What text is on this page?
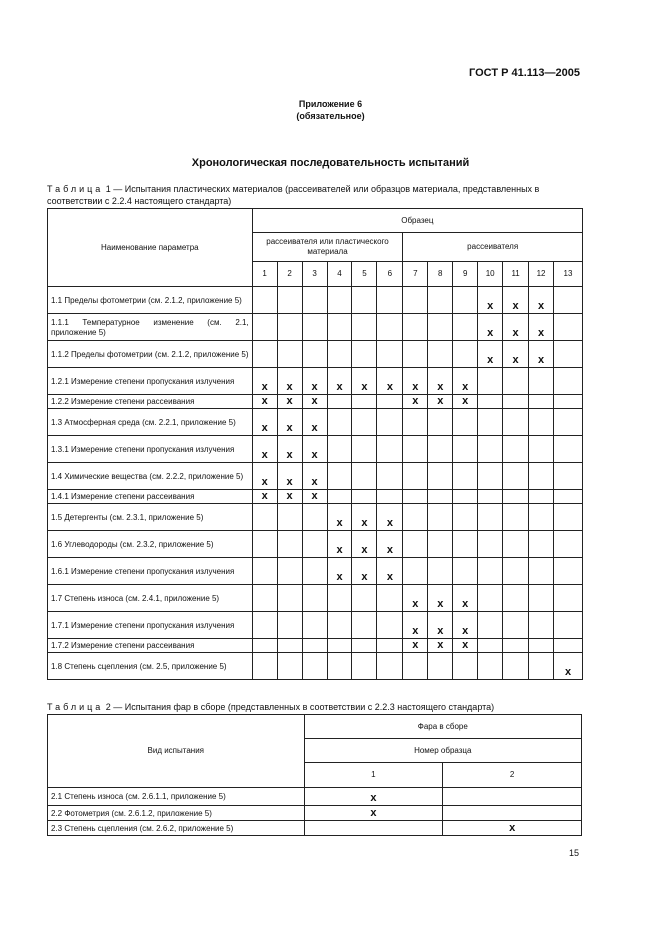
ГОСТ Р 41.113—2005
Приложение 6
(обязательное)
Хронологическая последовательность испытаний
Таблица 1 — Испытания пластических материалов (рассеивателей или образцов материала, представленных в соответствии с 2.2.4 настоящего стандарта)
Наименование параметра	Образец												

	рассеивателя или пластического материала						рассеивателя						
	1	2	3	4	5	6	7	8	9	10	11	12	13
1.1 Пределы фотометрии (см. 2.1.2, приложение 5)										x	x	x	
1.1.1 Температурное изменение (см. 2.1, приложение 5)										x	x	x	
1.1.2 Пределы фотометрии (см. 2.1.2, приложение 5)										x	x	x	
1.2.1 Измерение степени пропускания излучения	x	x	x	x	x	x	x	x	x				
1.2.2 Измерение степени рассеивания	x	x	x				x	x	x				
1.3 Атмосферная среда (см. 2.2.1, приложение 5)	x	x	x										
1.3.1 Измерение степени пропускания излучения	x	x	x										
1.4 Химические вещества (см. 2.2.2, приложение 5)	x	x	x										
1.4.1 Измерение степени рассеивания	x	x	x										
1.5 Детергенты (см. 2.3.1, приложение 5)				x	x	x							
1.6 Углеводороды (см. 2.3.2, приложение 5)				x	x	x							
1.6.1 Измерение степени пропускания излучения				x	x	x							
1.7 Степень износа (см. 2.4.1, приложение 5)							x	x	x				
1.7.1 Измерение степени пропускания излучения							x	x	x				
1.7.2 Измерение степени рассеивания							x	x	x				
1.8 Степень сцепления (см. 2.5, приложение 5)													x
Таблица 2 — Испытания фар в сборе (представленных в соответствии с 2.2.3 настоящего стандарта)
Вид испытания	Фара в сборе	
	Номер образца	
	1	2
2.1 Степень износа (см. 2.6.1.1, приложение 5)	x	
2.2 Фотометрия (см. 2.6.1.2, приложение 5)	x	
2.3 Степень сцепления (см. 2.6.2, приложение 5)		x
15
